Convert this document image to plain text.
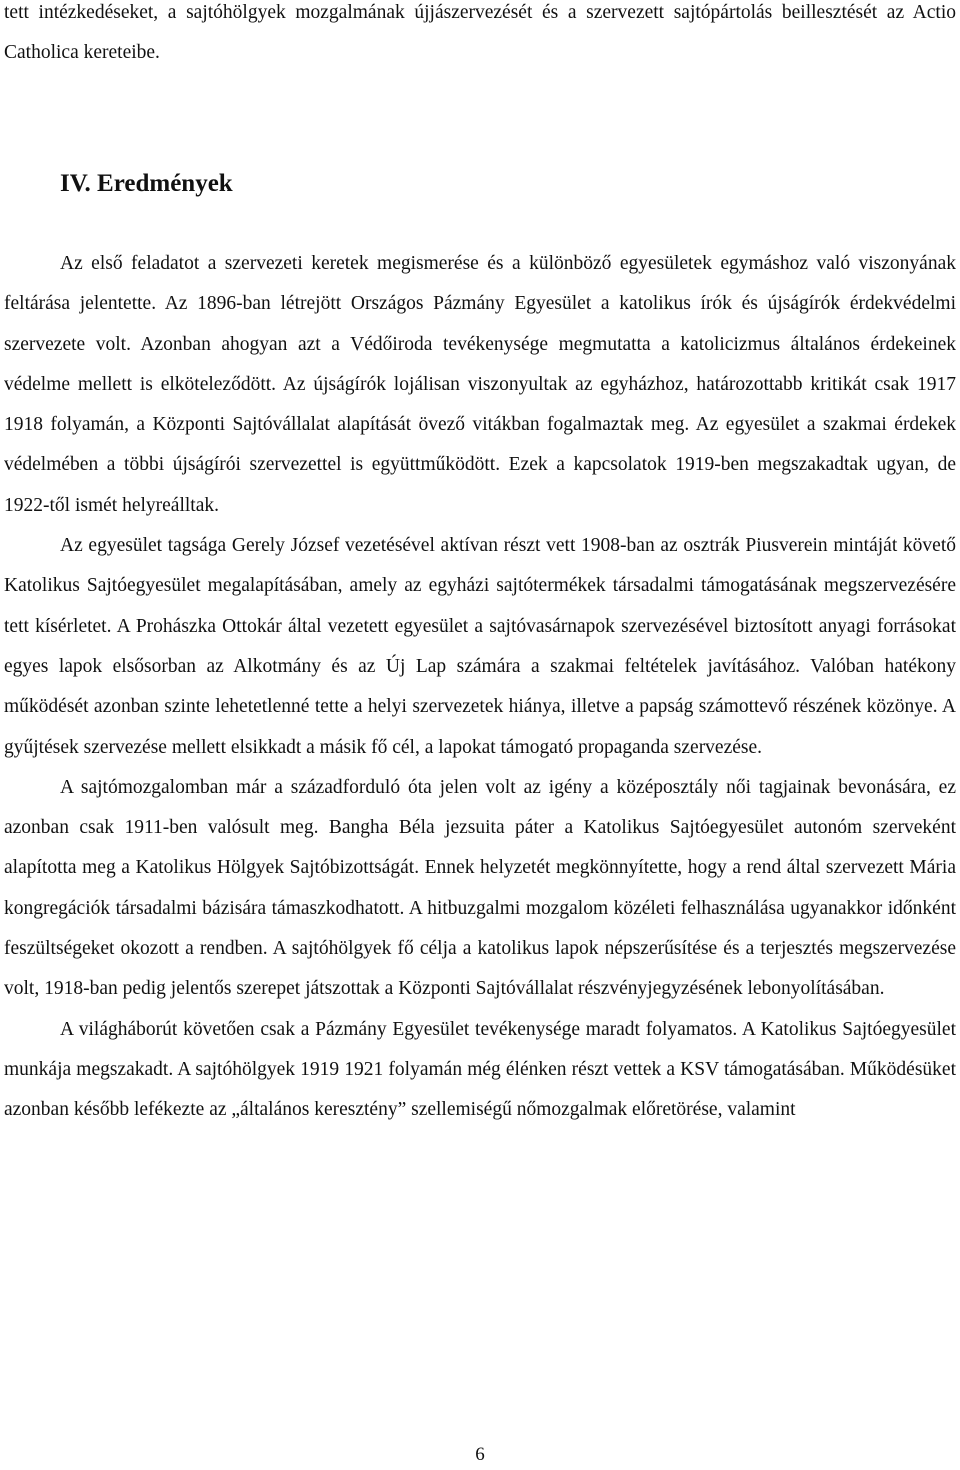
tett intézkedéseket, a sajtóhölgyek mozgalmának újjászervezését és a szervezett sajtópártolás beillesztését az Actio Catholica kereteibe.

IV. Eredmények

Az első feladatot a szervezeti keretek megismerése és a különböző egyesületek egymáshoz való viszonyának feltárása jelentette. Az 1896-ban létrejött Országos Pázmány Egyesület a katolikus írók és újságírók érdekvédelmi szervezete volt. Azonban ahogyan azt a Védőiroda tevékenysége megmutatta a katolicizmus általános érdekeinek védelme mellett is elköteleződött. Az újságírók lojálisan viszonyultak az egyházhoz, határozottabb kritikát csak 1917 1918 folyamán, a Központi Sajtóvállalat alapítását övező vitákban fogalmaztak meg. Az egyesület a szakmai érdekek védelmében a többi újságírói szervezettel is együttműködött. Ezek a kapcsolatok 1919-ben megszakadtak ugyan, de 1922-től ismét helyreálltak.

Az egyesület tagsága Gerely József vezetésével aktívan részt vett 1908-ban az osztrák Piusverein mintáját követő Katolikus Sajtóegyesület megalapításában, amely az egyházi sajtótermékek társadalmi támogatásának megszervezésére tett kísérletet. A Prohászka Ottokár által vezetett egyesület a sajtóvasárnapok szervezésével biztosított anyagi forrásokat egyes lapok elsősorban az Alkotmány és az Új Lap számára a szakmai feltételek javításához. Valóban hatékony működését azonban szinte lehetetlenné tette a helyi szervezetek hiánya, illetve a papság számottevő részének közönye. A gyűjtések szervezése mellett elsikkadt a másik fő cél, a lapokat támogató propaganda szervezése.

A sajtómozgalomban már a századforduló óta jelen volt az igény a középosztály női tagjainak bevonására, ez azonban csak 1911-ben valósult meg. Bangha Béla jezsuita páter a Katolikus Sajtóegyesület autonóm szerveként alapította meg a Katolikus Hölgyek Sajtóbizottságát. Ennek helyzetét megkönnyítette, hogy a rend által szervezett Mária kongregációk társadalmi bázisára támaszkodhatott. A hitbuzgalmi mozgalom közéleti felhasználása ugyanakkor időnként feszültségeket okozott a rendben. A sajtóhölgyek fő célja a katolikus lapok népszerűsítése és a terjesztés megszervezése volt, 1918-ban pedig jelentős szerepet játszottak a Központi Sajtóvállalat részvényjegyzésének lebonyolításában.

A világháborút követően csak a Pázmány Egyesület tevékenysége maradt folyamatos. A Katolikus Sajtóegyesület munkája megszakadt. A sajtóhölgyek 1919 1921 folyamán még élénken részt vettek a KSV támogatásában. Működésüket azonban később lefékezte az „általános keresztény” szellemiségű nőmozgalmak előretörése, valamint

6
